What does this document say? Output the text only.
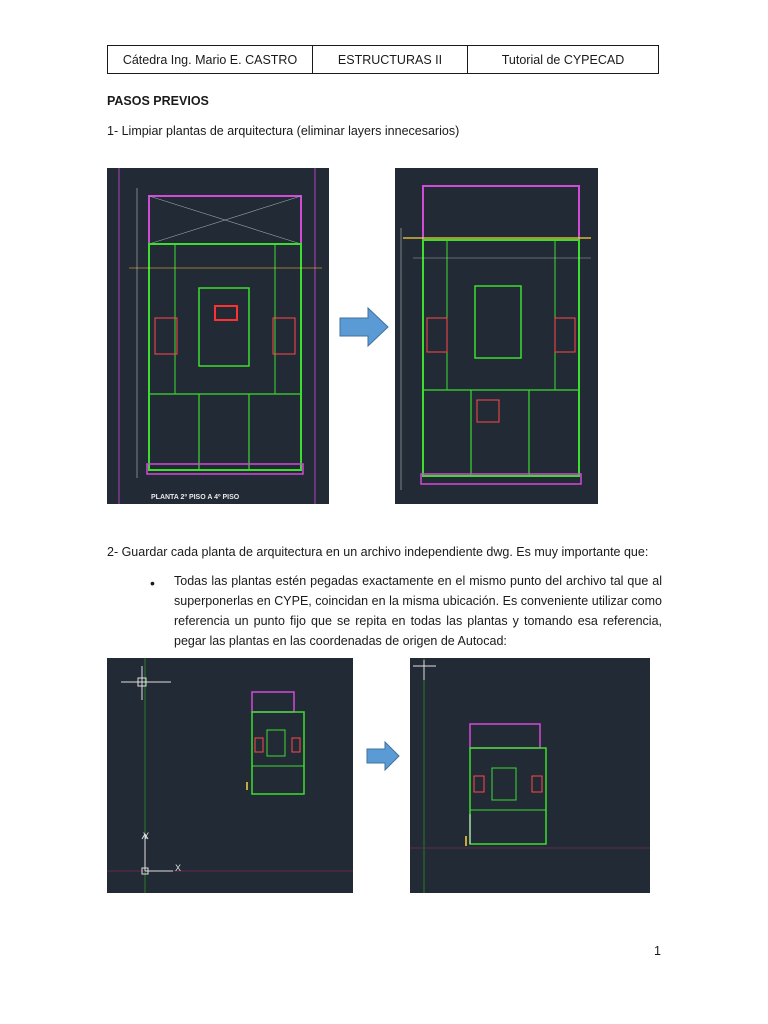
Cátedra Ing. Mario E. CASTRO	ESTRUCTURAS II	Tutorial de CYPECAD
PASOS PREVIOS
1- Limpiar plantas de arquitectura (eliminar layers innecesarios)
PLANTA 2º PISO A 4º PISO
2- Guardar cada planta de arquitectura en un archivo independiente dwg. Es muy importante que:
• Todas las plantas estén pegadas exactamente en el mismo punto del archivo tal que al superponerlas en CYPE, coincidan en la misma ubicación. Es conveniente utilizar como referencia un punto fijo que se repita en todas las plantas y tomando esa referencia, pegar las plantas en las coordenadas de origen de Autocad:
Y
X
1
